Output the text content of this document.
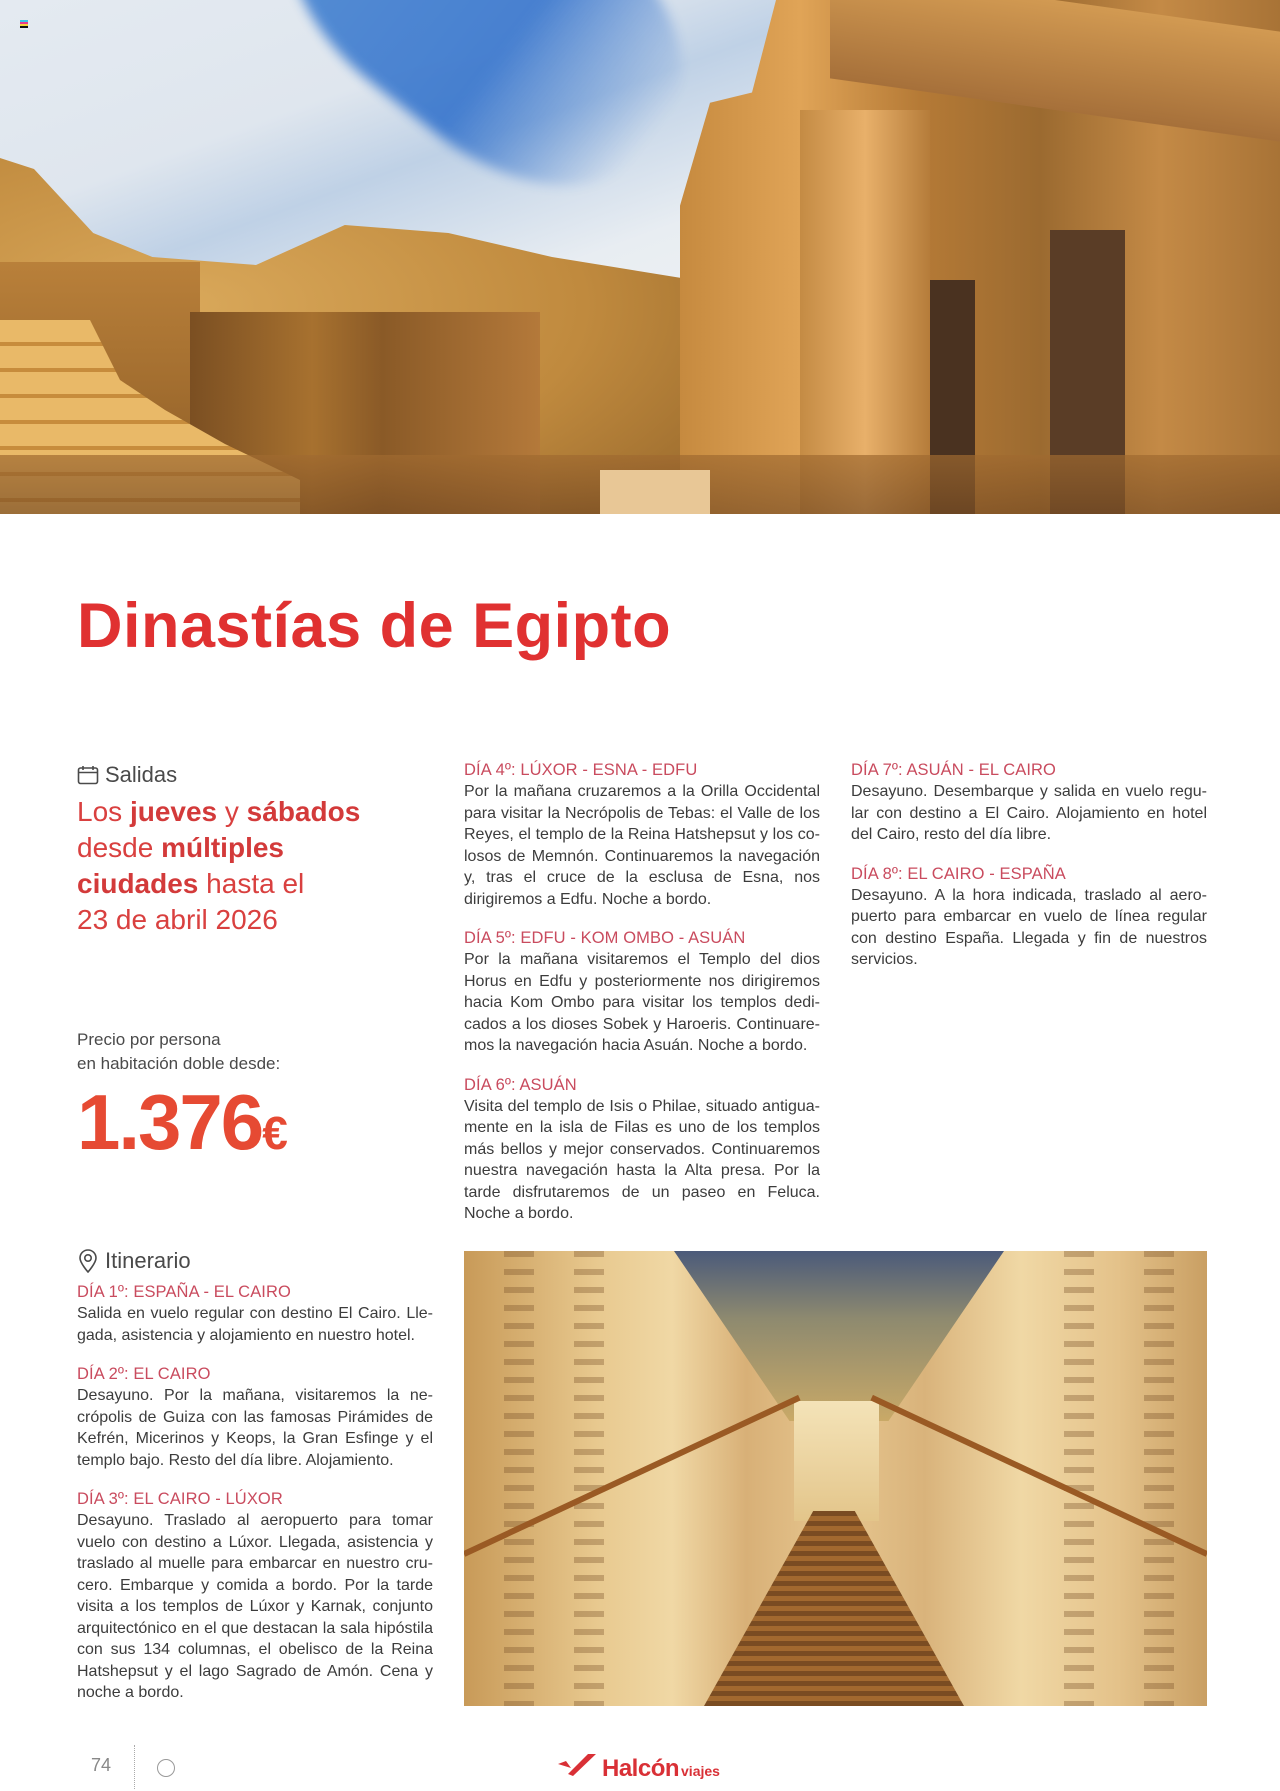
Dinastías de Egipto
Salidas
Los jueves y sábados
desde múltiples
ciudades hasta el
23 de abril 2026
Precio por persona
en habitación doble desde:
1.376€
Itinerario
DÍA 1º: ESPAÑA - EL CAIRO
Salida en vuelo regular con destino El Cairo. Llegada, asistencia y alojamiento en nuestro hotel.
DÍA 2º: EL CAIRO
Desayuno. Por la mañana, visitaremos la necrópolis de Guiza con las famosas Pirámides de Kefrén, Micerinos y Keops, la Gran Esfinge y el templo bajo. Resto del día libre. Alojamiento.
DÍA 3º: EL CAIRO - LÚXOR
Desayuno. Traslado al aeropuerto para tomar vuelo con destino a Lúxor. Llegada, asistencia y traslado al muelle para embarcar en nuestro crucero. Embarque y comida a bordo. Por la tarde visita a los templos de Lúxor y Karnak, conjunto arquitectónico en el que destacan la sala hipóstila con sus 134 columnas, el obelisco de la Reina Hatshepsut y el lago Sagrado de Amón. Cena y noche a bordo.
DÍA 4º: LÚXOR - ESNA - EDFU
Por la mañana cruzaremos a la Orilla Occidental para visitar la Necrópolis de Tebas: el Valle de los Reyes, el templo de la Reina Hatshepsut y los colosos de Memnón. Continuaremos la navegación y, tras el cruce de la esclusa de Esna, nos dirigiremos a Edfu. Noche a bordo.
DÍA 5º: EDFU - KOM OMBO - ASUÁN
Por la mañana visitaremos el Templo del dios Horus en Edfu y posteriormente nos dirigiremos hacia Kom Ombo para visitar los templos dedicados a los dioses Sobek y Haroeris. Continuaremos la navegación hacia Asuán. Noche a bordo.
DÍA 6º: ASUÁN
Visita del templo de Isis o Philae, situado antiguamente en la isla de Filas es uno de los templos más bellos y mejor conservados. Continuaremos nuestra navegación hasta la Alta presa. Por la tarde disfrutaremos de un paseo en Feluca. Noche a bordo.
DÍA 7º: ASUÁN - EL CAIRO
Desayuno. Desembarque y salida en vuelo regular con destino a El Cairo. Alojamiento en hotel del Cairo, resto del día libre.
DÍA 8º: EL CAIRO - ESPAÑA
Desayuno. A la hora indicada, traslado al aeropuerto para embarcar en vuelo de línea regular con destino España. Llegada y fin de nuestros servicios.
74	Halcón viajes
